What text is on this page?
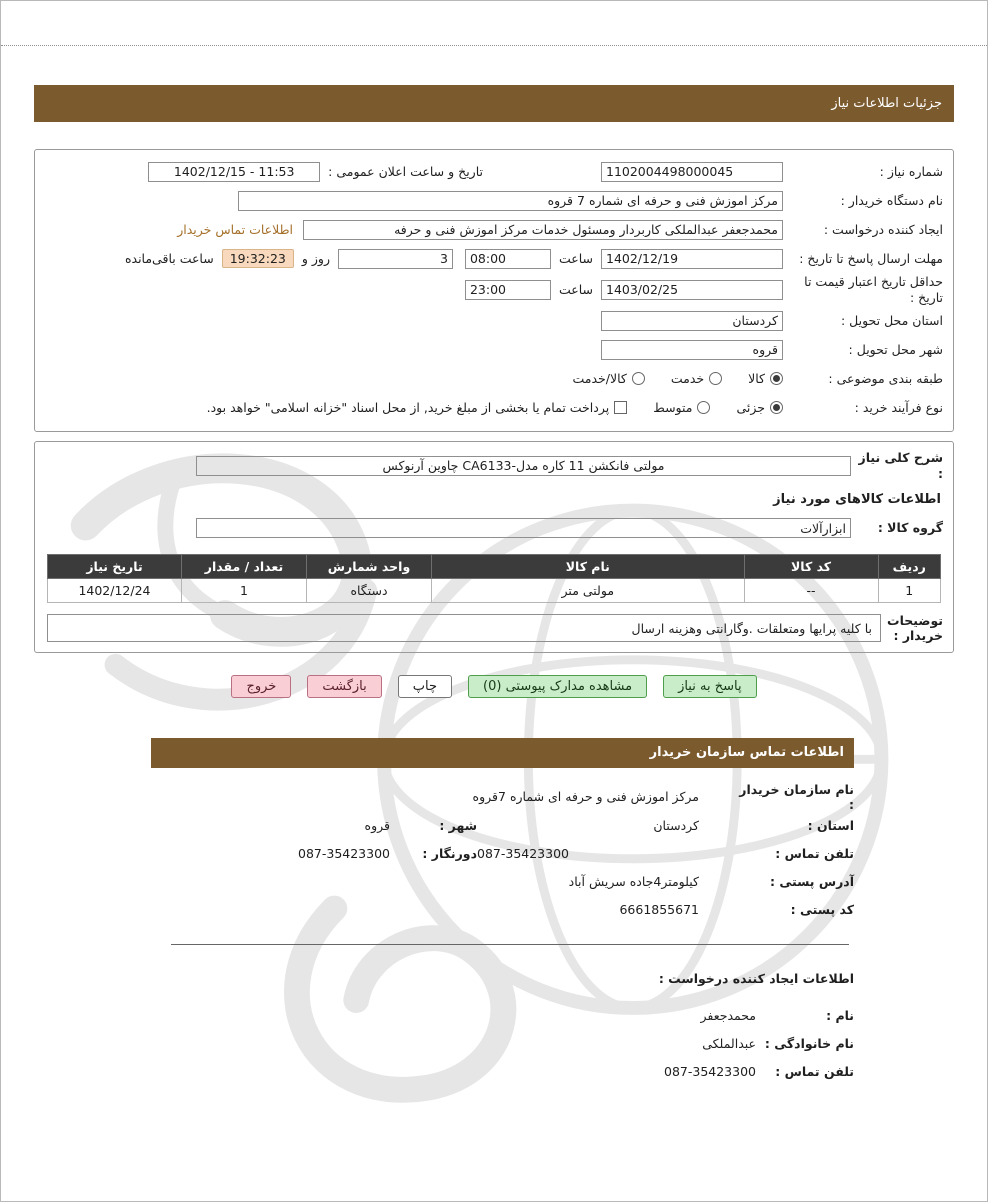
جزئیات اطلاعات نیاز
شماره نیاز :
1102004498000045
تاریخ و ساعت اعلان عمومی :
1402/12/15 - 11:53
نام دستگاه خریدار :
مرکز اموزش فنی و حرفه ای شماره 7 قروه
ایجاد کننده درخواست :
محمدجعفر عبدالملکی کاربردار ومسئول خدمات مرکز اموزش فنی و حرفه
اطلاعات تماس خریدار
مهلت ارسال پاسخ تا تاریخ :
1402/12/19
ساعت
08:00
3
روز و
19:32:23
ساعت باقی‌مانده
حداقل تاریخ اعتبار قیمت تا تاریخ :
1403/02/25
ساعت
23:00
استان محل تحویل :
کردستان
شهر محل تحویل :
قروه
طبقه بندی موضوعی :
کالا
خدمت
کالا/خدمت
نوع فرآیند خرید :
جزئی
متوسط
پرداخت تمام یا بخشی از مبلغ خرید, از محل اسناد "خزانه اسلامی" خواهد بود.
شرح کلی نیاز :
مولتی فانکشن 11 کاره مدل-CA6133 چاوین آرنوکس
اطلاعات کالاهای مورد نیاز
گروه کالا :
ابزارآلات
ردیف	کد کالا	نام کالا	واحد شمارش	تعداد / مقدار	تاریخ نیاز
1	--	مولتی متر	دستگاه	1	1402/12/24
توضیحات خریدار :
با کلیه پرایها ومتعلقات .وگارانتی وهزینه ارسال
پاسخ به نیاز
مشاهده مدارک پیوستی (0)
چاپ
بازگشت
خروج
اطلاعات تماس سازمان خریدار
نام سازمان خریدار :
مرکز اموزش فنی و حرفه ای شماره 7قروه
استان :
کردستان
شهر :
قروه
تلفن تماس :
087-35423300
دورنگار :
087-35423300
آدرس پستی :
کیلومتر4جاده سریش آباد
کد پستی :
6661855671
اطلاعات ایجاد کننده درخواست :
نام :
محمدجعفر
نام خانوادگی :
عبدالملکی
تلفن تماس :
087-35423300
